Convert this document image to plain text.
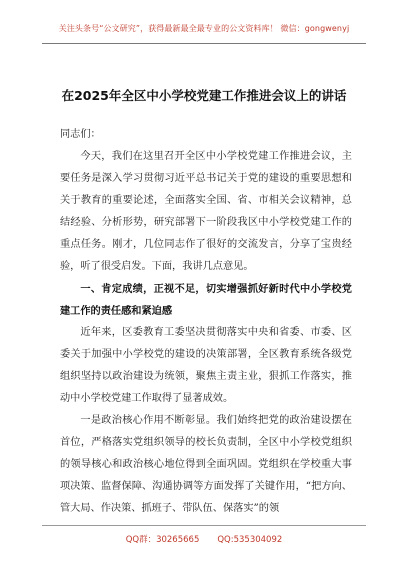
关注头条号“公文研究”，获得最新最全最专业的公文资料库！ 微信：gongwenyj
在2025年全区中小学校党建工作推进会议上的讲话

同志们：

今天，我们在这里召开全区中小学校党建工作推进会议，主要任务是深入学习贯彻习近平总书记关于党的建设的重要思想和关于教育的重要论述，全面落实全国、省、市相关会议精神，总结经验、分析形势，研究部署下一阶段我区中小学校党建工作的重点任务。刚才，几位同志作了很好的交流发言，分享了宝贵经验，听了很受启发。下面，我讲几点意见。

一、肯定成绩，正视不足，切实增强抓好新时代中小学校党建工作的责任感和紧迫感

近年来，区委教育工委坚决贯彻落实中央和省委、市委、区委关于加强中小学校党的建设的决策部署，全区教育系统各级党组织坚持以政治建设为统领，聚焦主责主业，狠抓工作落实，推动中小学校党建工作取得了显著成效。

一是政治核心作用不断彰显。我们始终把党的政治建设摆在首位，严格落实党组织领导的校长负责制，全区中小学校党组织的领导核心和政治核心地位得到全面巩固。党组织在学校重大事项决策、监督保障、沟通协调等方面发挥了关键作用，“把方向、管大局、作决策、抓班子、带队伍、保落实”的领

QQ群：30265665 QQ:535304092
